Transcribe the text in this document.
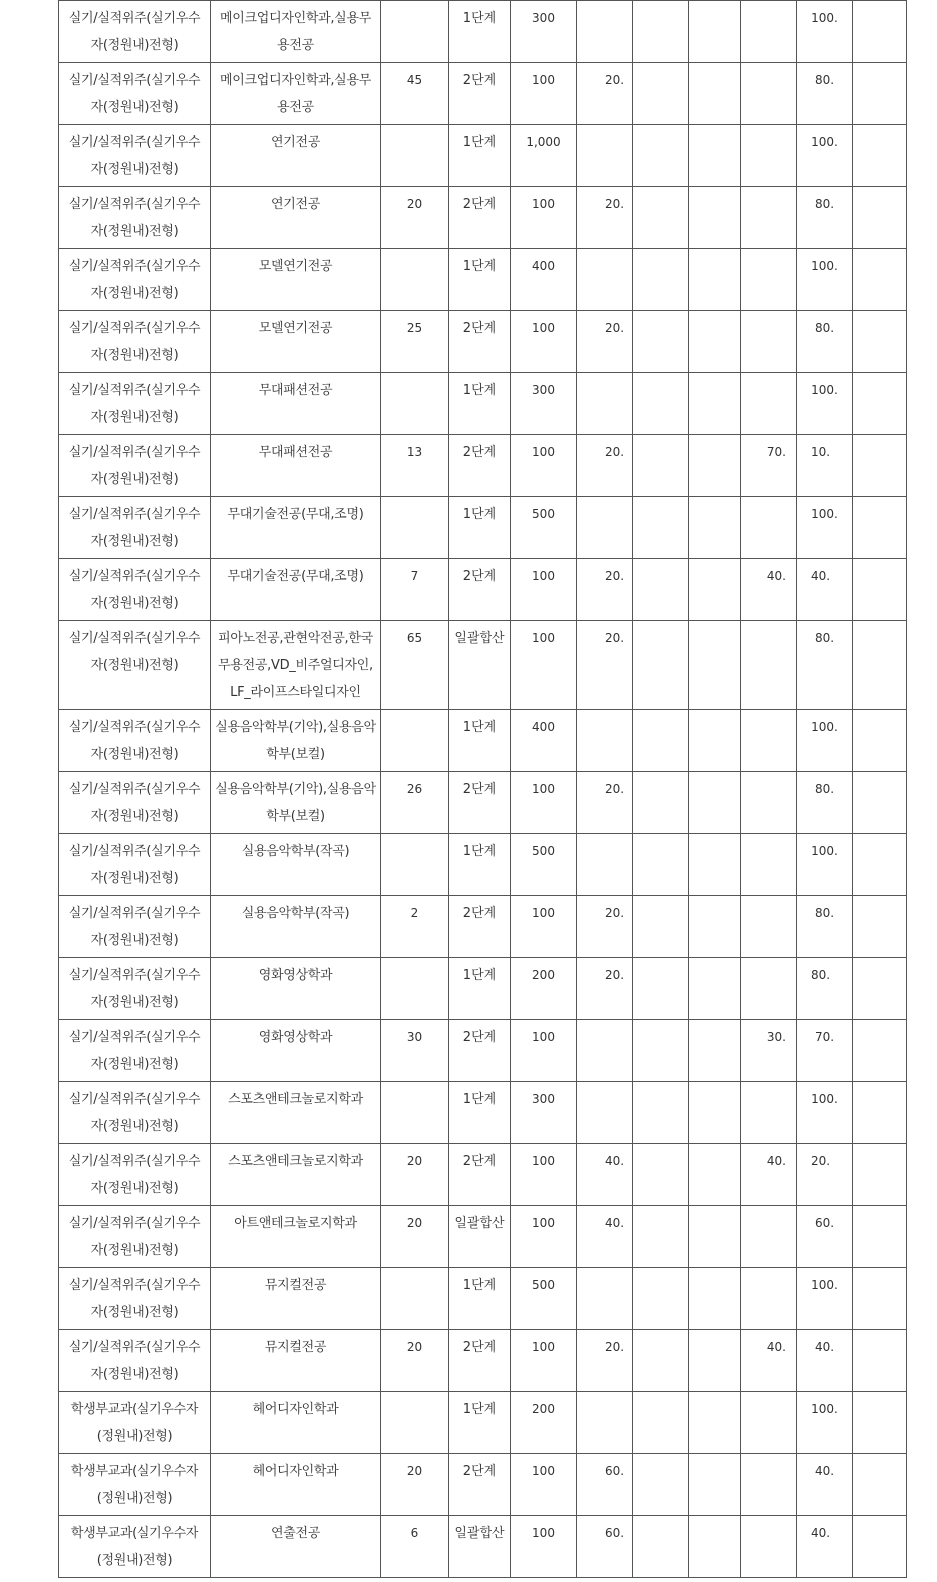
실기/실적위주(실기우수자(정원내)전형)	메이크업디자인학과,실용무용전공		1단계	300					100.	
실기/실적위주(실기우수자(정원내)전형)	메이크업디자인학과,실용무용전공	45	2단계	100	20.				80.	
실기/실적위주(실기우수자(정원내)전형)	연기전공		1단계	1,000					100.	
실기/실적위주(실기우수자(정원내)전형)	연기전공	20	2단계	100	20.				80.	
실기/실적위주(실기우수자(정원내)전형)	모델연기전공		1단계	400					100.	
실기/실적위주(실기우수자(정원내)전형)	모델연기전공	25	2단계	100	20.				80.	
실기/실적위주(실기우수자(정원내)전형)	무대패션전공		1단계	300					100.	
실기/실적위주(실기우수자(정원내)전형)	무대패션전공	13	2단계	100	20.			70.	10.	
실기/실적위주(실기우수자(정원내)전형)	무대기술전공(무대,조명)		1단계	500					100.	
실기/실적위주(실기우수자(정원내)전형)	무대기술전공(무대,조명)	7	2단계	100	20.			40.	40.	
실기/실적위주(실기우수자(정원내)전형)	피아노전공,관현악전공,한국무용전공,VD_비주얼디자인,LF_라이프스타일디자인	65	일괄합산	100	20.				80.	
실기/실적위주(실기우수자(정원내)전형)	실용음악학부(기악),실용음악학부(보컬)		1단계	400					100.	
실기/실적위주(실기우수자(정원내)전형)	실용음악학부(기악),실용음악학부(보컬)	26	2단계	100	20.				80.	
실기/실적위주(실기우수자(정원내)전형)	실용음악학부(작곡)		1단계	500					100.	
실기/실적위주(실기우수자(정원내)전형)	실용음악학부(작곡)	2	2단계	100	20.				80.	
실기/실적위주(실기우수자(정원내)전형)	영화영상학과		1단계	200	20.				80.	
실기/실적위주(실기우수자(정원내)전형)	영화영상학과	30	2단계	100				30.	70.	
실기/실적위주(실기우수자(정원내)전형)	스포츠앤테크놀로지학과		1단계	300					100.	
실기/실적위주(실기우수자(정원내)전형)	스포츠앤테크놀로지학과	20	2단계	100	40.			40.	20.	
실기/실적위주(실기우수자(정원내)전형)	아트앤테크놀로지학과	20	일괄합산	100	40.				60.	
실기/실적위주(실기우수자(정원내)전형)	뮤지컬전공		1단계	500					100.	
실기/실적위주(실기우수자(정원내)전형)	뮤지컬전공	20	2단계	100	20.			40.	40.	
학생부교과(실기우수자(정원내)전형)	헤어디자인학과		1단계	200					100.	
학생부교과(실기우수자(정원내)전형)	헤어디자인학과	20	2단계	100	60.				40.	
학생부교과(실기우수자(정원내)전형)	연출전공	6	일괄합산	100	60.				40.	
